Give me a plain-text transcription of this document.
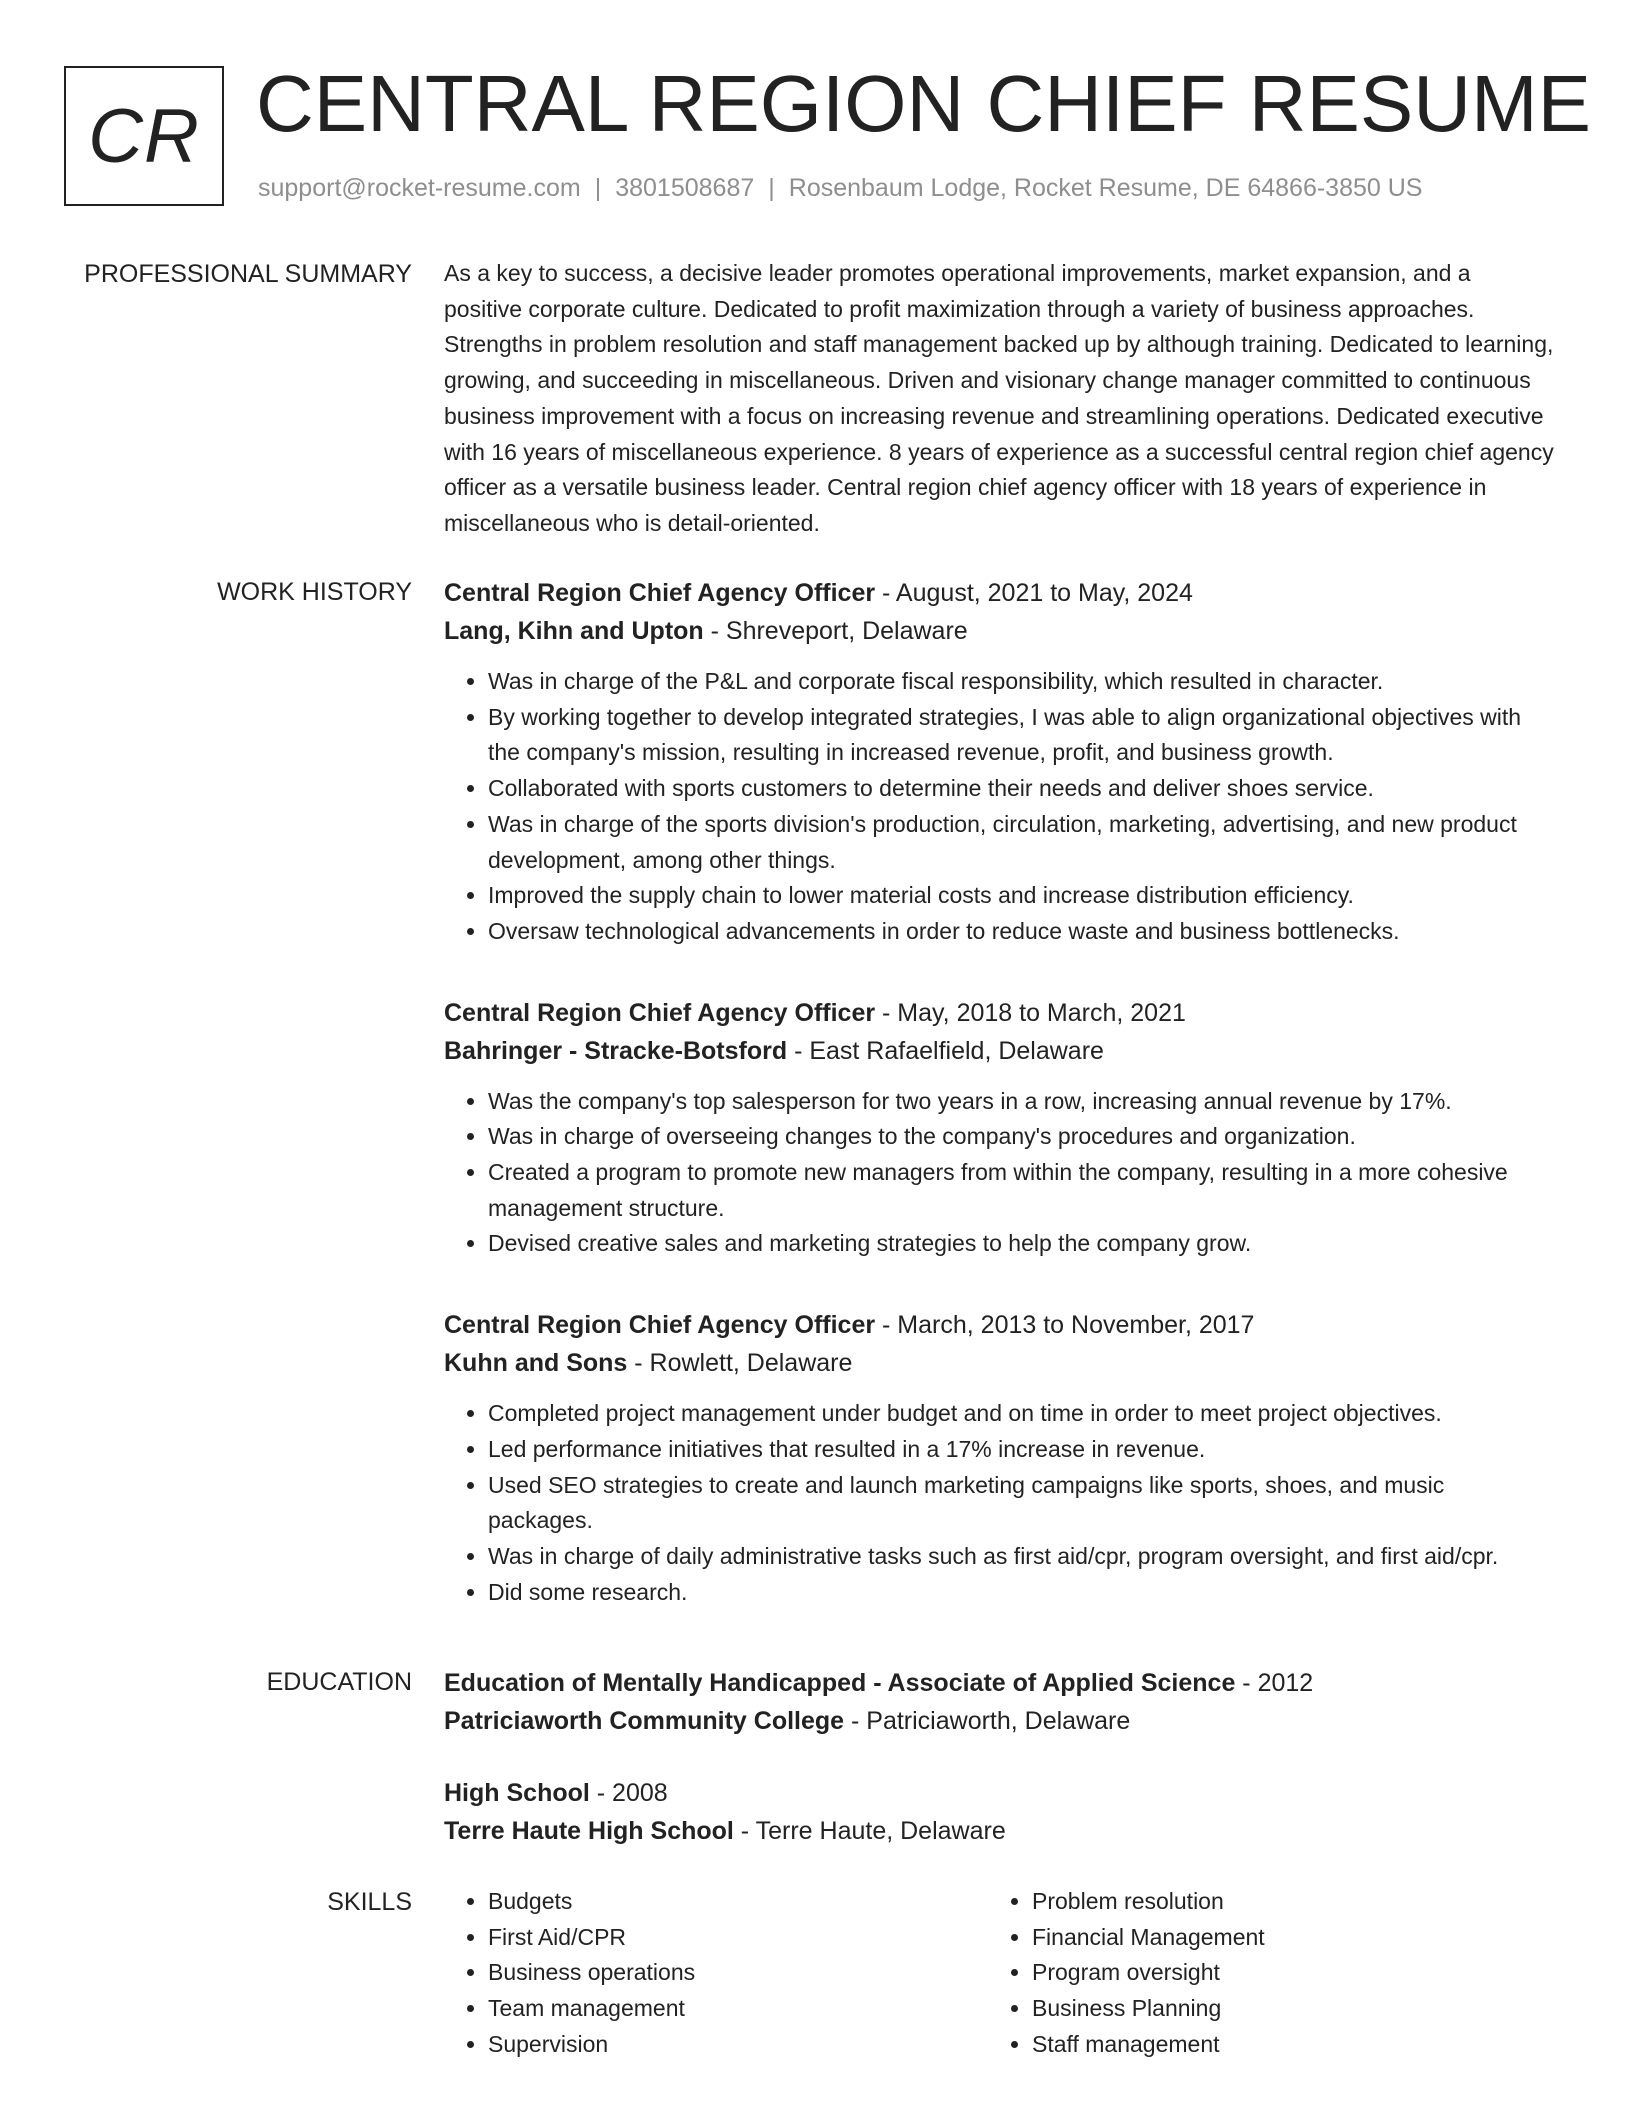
CR CENTRAL REGION CHIEF RESUME
support@rocket-resume.com | 3801508687 | Rosenbaum Lodge, Rocket Resume, DE 64866-3850 US
PROFESSIONAL SUMMARY As a key to success, a decisive leader promotes operational improvements, market expansion, and a positive corporate culture. Dedicated to profit maximization through a variety of business approaches. Strengths in problem resolution and staff management backed up by although training. Dedicated to learning, growing, and succeeding in miscellaneous. Driven and visionary change manager committed to continuous business improvement with a focus on increasing revenue and streamlining operations. Dedicated executive with 16 years of miscellaneous experience. 8 years of experience as a successful central region chief agency officer as a versatile business leader. Central region chief agency officer with 18 years of experience in miscellaneous who is detail-oriented.

WORK HISTORY Central Region Chief Agency Officer - August, 2021 to May, 2024
Lang, Kihn and Upton - Shreveport, Delaware
• Was in charge of the P&L and corporate fiscal responsibility, which resulted in character.
• By working together to develop integrated strategies, I was able to align organizational objectives with the company's mission, resulting in increased revenue, profit, and business growth.
• Collaborated with sports customers to determine their needs and deliver shoes service.
• Was in charge of the sports division's production, circulation, marketing, advertising, and new product development, among other things.
• Improved the supply chain to lower material costs and increase distribution efficiency.
• Oversaw technological advancements in order to reduce waste and business bottlenecks.
Central Region Chief Agency Officer - May, 2018 to March, 2021
Bahringer - Stracke-Botsford - East Rafaelfield, Delaware
• Was the company's top salesperson for two years in a row, increasing annual revenue by 17%.
• Was in charge of overseeing changes to the company's procedures and organization.
• Created a program to promote new managers from within the company, resulting in a more cohesive management structure.
• Devised creative sales and marketing strategies to help the company grow.
Central Region Chief Agency Officer - March, 2013 to November, 2017
Kuhn and Sons - Rowlett, Delaware
• Completed project management under budget and on time in order to meet project objectives.
• Led performance initiatives that resulted in a 17% increase in revenue.
• Used SEO strategies to create and launch marketing campaigns like sports, shoes, and music packages.
• Was in charge of daily administrative tasks such as first aid/cpr, program oversight, and first aid/cpr.
• Did some research.
EDUCATION Education of Mentally Handicapped - Associate of Applied Science - 2012
Patriciaworth Community College - Patriciaworth, Delaware
High School - 2008
Terre Haute High School - Terre Haute, Delaware
SKILLS
•	Budgets
• First Aid/CPR
• Business operations
• Team management
• Supervision
• Problem resolution
• Financial Management
• Program oversight
• Business Planning
• Staff management
